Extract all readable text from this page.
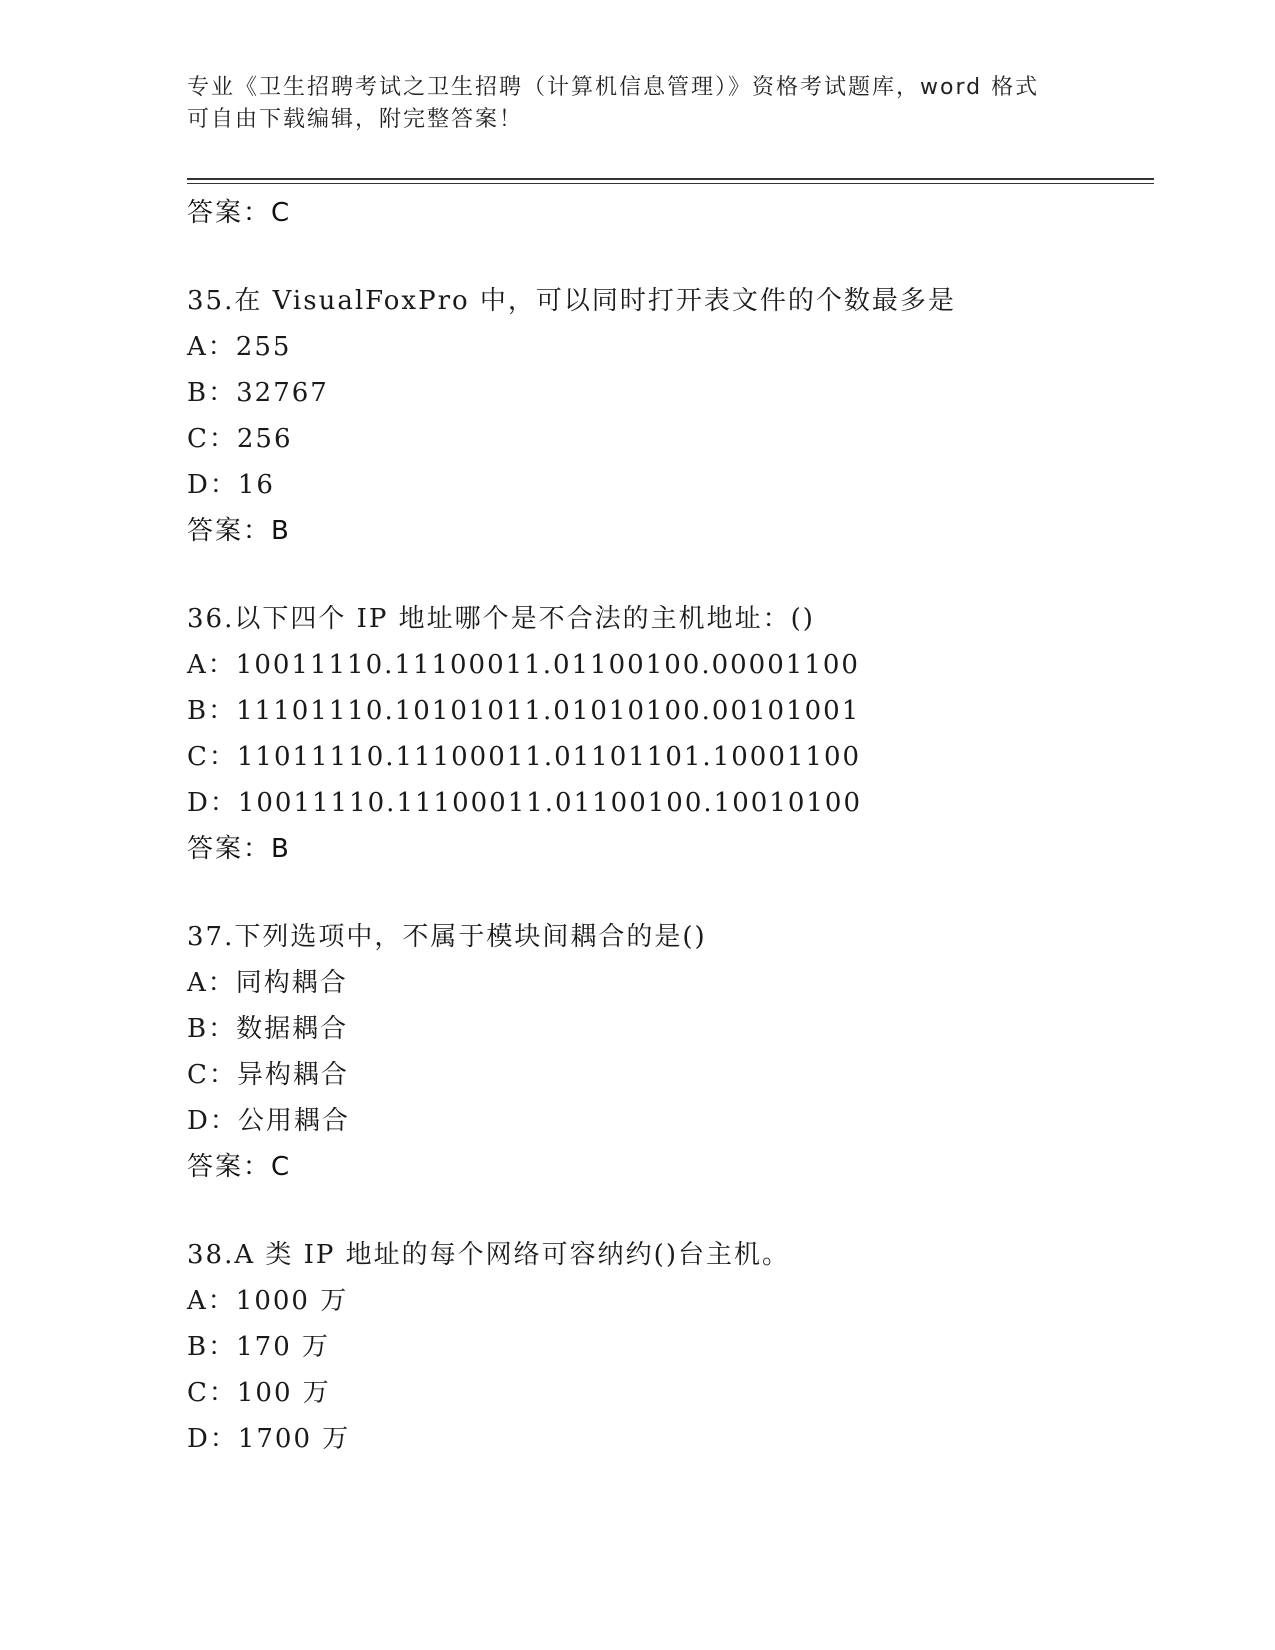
专业《卫生招聘考试之卫生招聘（计算机信息管理）》资格考试题库，word 格式
可自由下载编辑，附完整答案！
答案：C
35.在 VisualFoxPro 中，可以同时打开表文件的个数最多是
A：255
B：32767
C：256
D：16
答案：B
36.以下四个 IP 地址哪个是不合法的主机地址：()
A：10011110.11100011.01100100.00001100
B：11101110.10101011.01010100.00101001
C：11011110.11100011.01101101.10001100
D：10011110.11100011.01100100.10010100
答案：B
37.下列选项中，不属于模块间耦合的是()
A：同构耦合
B：数据耦合
C：异构耦合
D：公用耦合
答案：C
38.A 类 IP 地址的每个网络可容纳约()台主机。
A：1000 万
B：170 万
C：100 万
D：1700 万
